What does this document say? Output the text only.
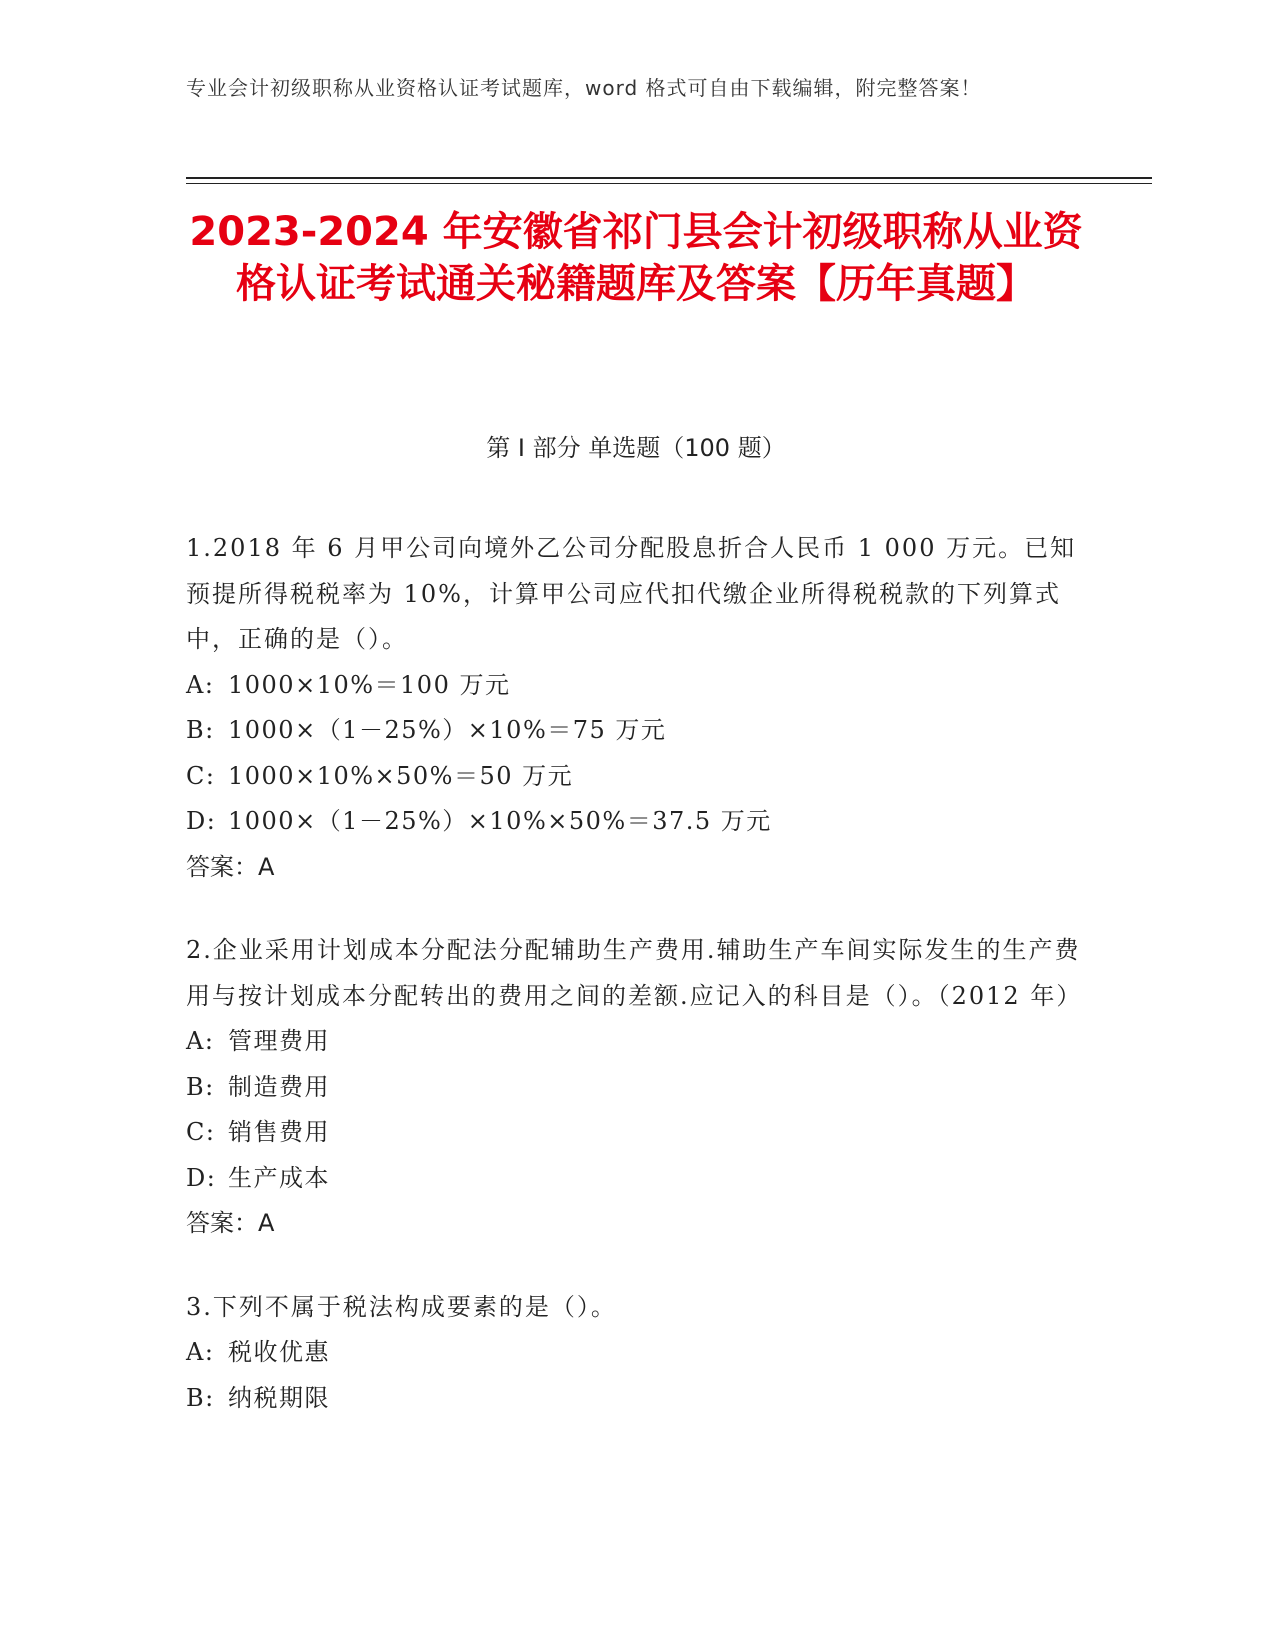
专业会计初级职称从业资格认证考试题库，word 格式可自由下载编辑，附完整答案！
2023-2024 年安徽省祁门县会计初级职称从业资格认证考试通关秘籍题库及答案【历年真题】
第 I 部分 单选题（100 题）

1.2018 年 6 月甲公司向境外乙公司分配股息折合人民币 1 000 万元。已知预提所得税税率为 10%，计算甲公司应代扣代缴企业所得税税款的下列算式中，正确的是（）。

A: 1000×10%＝100 万元

B: 1000×（1－25%）×10%＝75 万元

C: 1000×10%×50%＝50 万元

D: 1000×（1－25%）×10%×50%＝37.5 万元

答案：A

2.企业采用计划成本分配法分配辅助生产费用.辅助生产车间实际发生的生产费用与按计划成本分配转出的费用之间的差额.应记入的科目是（）。（2012 年）

A: 管理费用

B: 制造费用

C: 销售费用

D: 生产成本

答案：A

3.下列不属于税法构成要素的是（）。

A: 税收优惠

B: 纳税期限
